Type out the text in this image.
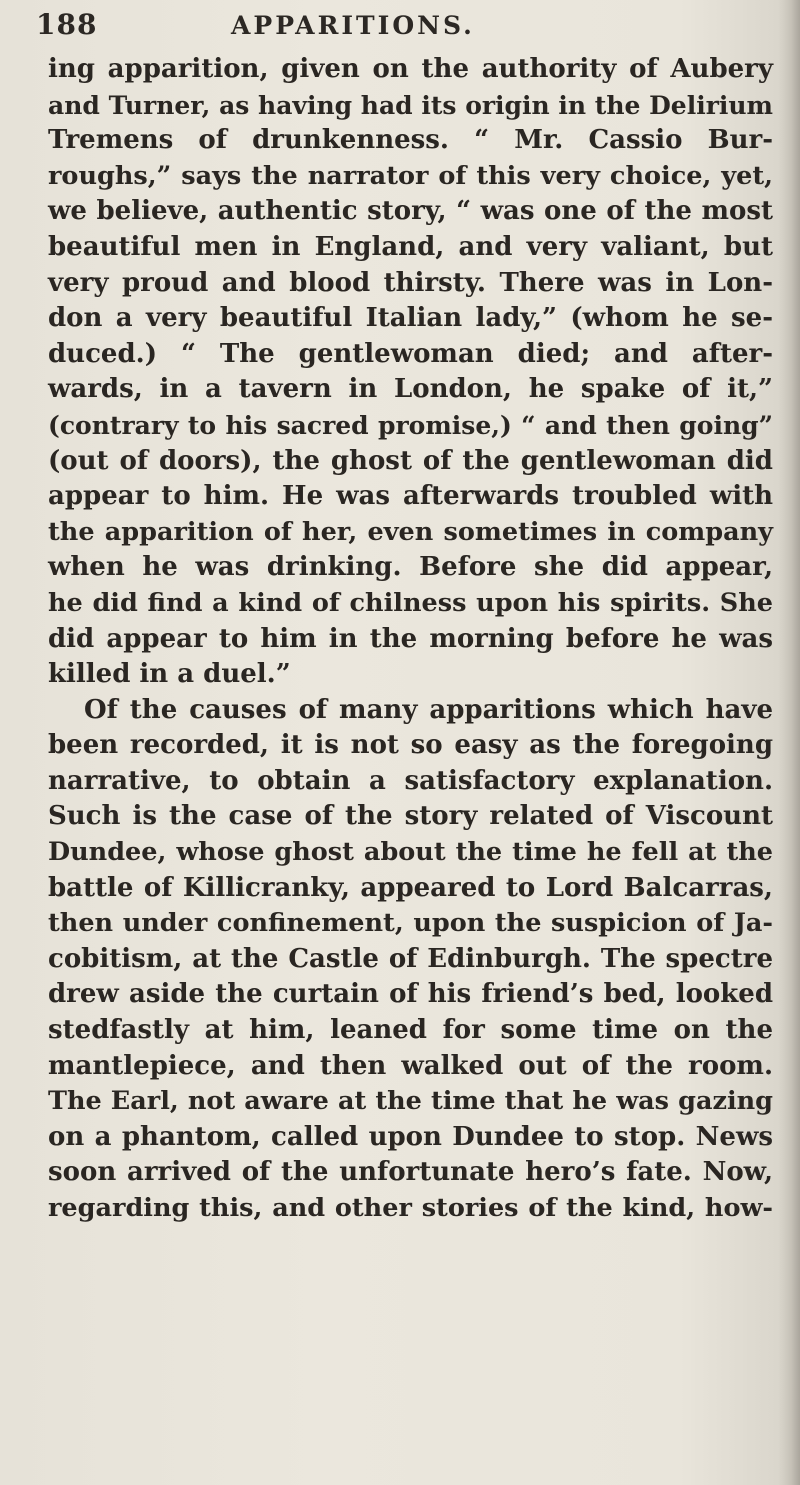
188	APPARITIONS.
ing apparition, given on the authority of Aubery
and Turner, as having had its origin in the Delirium
Tremens of drunkenness. “ Mr. Cassio Bur-
roughs,” says the narrator of this very choice, yet,
we believe, authentic story, “ was one of the most
beautiful men in England, and very valiant, but
very proud and blood thirsty. There was in Lon-
don a very beautiful Italian lady,” (whom he se-
duced.) “ The gentlewoman died; and after-
wards, in a tavern in London, he spake of it,”
(contrary to his sacred promise,) “ and then going”
(out of doors), the ghost of the gentlewoman did
appear to him. He was afterwards troubled with
the apparition of her, even sometimes in company
when he was drinking. Before she did appear,
he did find a kind of chilness upon his spirits. She
did appear to him in the morning before he was
killed in a duel.”
Of the causes of many apparitions which have
been recorded, it is not so easy as the foregoing
narrative, to obtain a satisfactory explanation.
Such is the case of the story related of Viscount
Dundee, whose ghost about the time he fell at the
battle of Killicranky, appeared to Lord Balcarras,
then under confinement, upon the suspicion of Ja-
cobitism, at the Castle of Edinburgh. The spectre
drew aside the curtain of his friend’s bed, looked
stedfastly at him, leaned for some time on the
mantlepiece, and then walked out of the room.
The Earl, not aware at the time that he was gazing
on a phantom, called upon Dundee to stop. News
soon arrived of the unfortunate hero’s fate. Now,
regarding this, and other stories of the kind, how-
